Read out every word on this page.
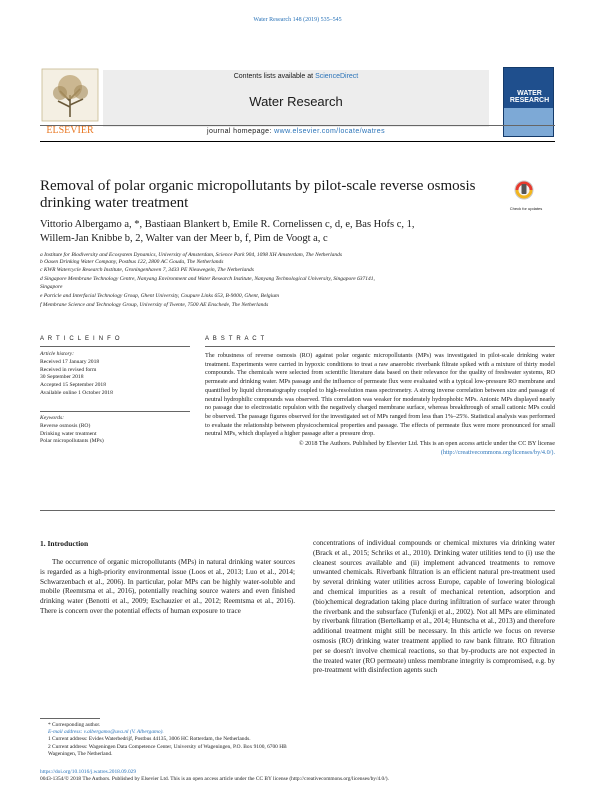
Water Research 148 (2019) 535–545
ELSEVIER
Contents lists available at ScienceDirect
Water Research
WATER RESEARCH
journal homepage: www.elsevier.com/locate/watres
Removal of polar organic micropollutants by pilot-scale reverse osmosis drinking water treatment	Check for updates
Vittorio Albergamo a, *, Bastiaan Blankert b, Emile R. Cornelissen c, d, e, Bas Hofs c, 1,
Willem-Jan Knibbe b, 2, Walter van der Meer b, f, Pim de Voogt a, c
a Institute for Biodiversity and Ecosystem Dynamics, University of Amsterdam, Science Park 904, 1098 XH Amsterdam, The Netherlands
b Oasen Drinking Water Company, Postbus 122, 2800 AC Gouda, The Netherlands
c KWR Watercycle Research Institute, Groningenhaven 7, 3433 PE Nieuwegein, The Netherlands
d Singapore Membrane Technology Centre, Nanyang Environment and Water Research Institute, Nanyang Technological University, Singapore 637141,
Singapore
e Particle and Interfacial Technology Group, Ghent University, Coupure Links 653, B-9000, Ghent, Belgium
f Membrane Science and Technology Group, University of Twente, 7500 AE Enschede, The Netherlands
A R T I C L E I N F O
Article history:
Received 17 January 2018
Received in revised form
30 September 2018
Accepted 15 September 2018
Available online 1 October 2018
Keywords:
Reverse osmosis (RO)
Drinking water treatment
Polar micropollutants (MPs)
A B S T R A C T
The robustness of reverse osmosis (RO) against polar organic micropollutants (MPs) was investigated in pilot-scale drinking water treatment. Experiments were carried in hypoxic conditions to treat a raw anaerobic riverbank filtrate spiked with a mixture of thirty model compounds. The chemicals were selected from scientific literature data based on their relevance for the quality of freshwater systems, RO permeate and drinking water. MPs passage and the influence of permeate flux were evaluated with a typical low-pressure RO membrane and quantified by liquid chromatography coupled to high-resolution mass spectrometry. A strong inverse correlation between size and passage of neutral hydrophilic compounds was observed. This correlation was weaker for moderately hydrophobic MPs. Anionic MPs displayed nearly no passage due to electrostatic repulsion with the negatively charged membrane surface, whereas breakthrough of small cationic MPs could be observed. The passage figures observed for the investigated set of MPs ranged from less than 1%–25%. Statistical analysis was performed to evaluate the relationship between physicochemical properties and passage. The effects of permeate flux were more pronounced for small neutral MPs, which displayed a higher passage after a pressure drop.
© 2018 The Authors. Published by Elsevier Ltd. This is an open access article under the CC BY license
(http://creativecommons.org/licenses/by/4.0/).
1. Introduction
The occurrence of organic micropollutants (MPs) in natural drinking water sources is regarded as a high-priority environmental issue (Loos et al., 2013; Luo et al., 2014; Schwarzenbach et al., 2006). In particular, polar MPs can be highly water-soluble and mobile (Reemtsma et al., 2016), potentially reaching source waters and even finished drinking water (Benotti et al., 2009; Eschauzier et al., 2012; Reemtsma et al., 2016). There is concern over the potential effects of human exposure to trace
concentrations of individual compounds or chemical mixtures via drinking water (Brack et al., 2015; Schriks et al., 2010). Drinking water utilities tend to (i) use the cleanest sources available and (ii) implement advanced treatments to remove unwanted chemicals. Riverbank filtration is an efficient natural pre-treatment used by several drinking water utilities across Europe, capable of lowering biological and chemical impurities as a result of mechanical retention, adsorption and (bio)chemical degradation taking place during infiltration of surface water through the riverbank and the subsurface (Tufenkji et al., 2002). Not all MPs are eliminated by riverbank filtration (Bertelkamp et al., 2014; Huntscha et al., 2013) and therefore additional treatment might still be necessary. In this article we focus on reverse osmosis (RO) drinking water treatment applied to raw bank filtrate. RO filtration per se doesn't involve chemical reactions, so that by-products are not expected in the treated water (RO permeate) unless membrane integrity is compromised, e.g. by pre-treatment with disinfection agents such
* Corresponding author.
E-mail address: v.albergamo@uva.nl (V. Albergamo).
1 Current address: Evides Waterbedrijf, Postbus 44135, 3006 HC Rotterdam, the Netherlands.
2 Current address: Wageningen Data Competence Center, University of Wageningen, P.O. Box 9100, 6700 HB Wageningen, The Netherland.
https://doi.org/10.1016/j.watres.2018.09.029
0043-1354/© 2018 The Authors. Published by Elsevier Ltd. This is an open access article under the CC BY license (http://creativecommons.org/licenses/by/4.0/).
